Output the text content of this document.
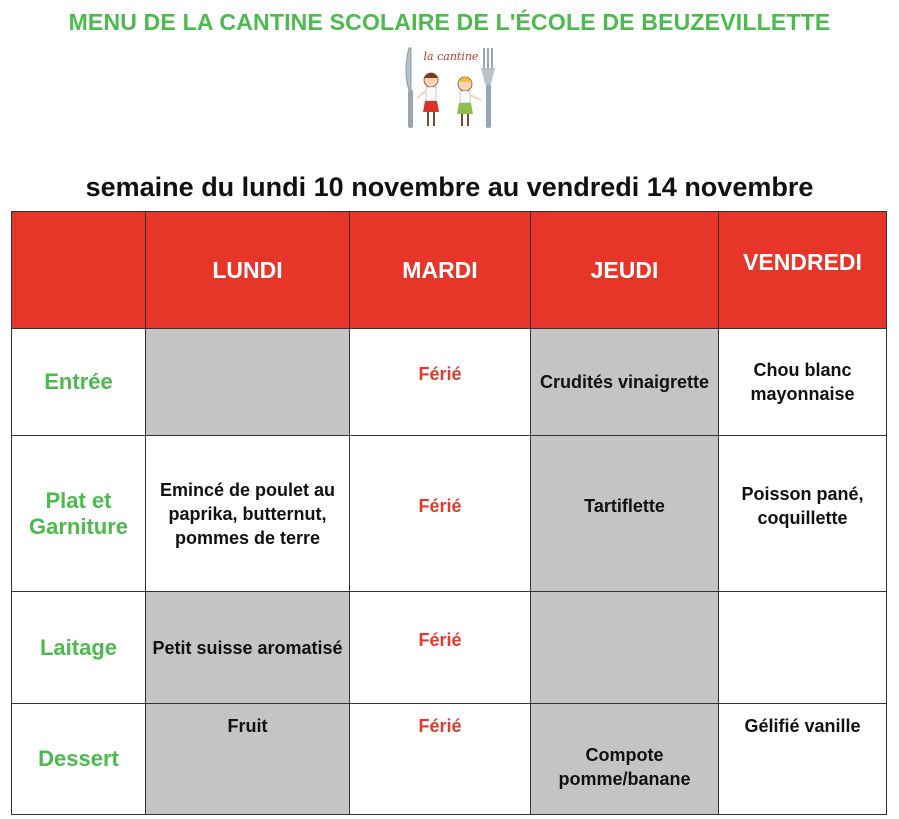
MENU DE LA CANTINE SCOLAIRE DE L'ÉCOLE DE BEUZEVILLETTE
la cantine
semaine du lundi 10 novembre au vendredi 14 novembre
	LUNDI	MARDI	JEUDI	VENDREDI
Entrée		Férié	Crudités vinaigrette	Chou blanc mayonnaise
Plat et Garniture	Emincé de poulet au paprika, butternut, pommes de terre	Férié	Tartiflette	Poisson pané, coquillette
Laitage	Petit suisse aromatisé	Férié		
Dessert	Fruit	Férié	Compote pomme/banane	Gélifié vanille
